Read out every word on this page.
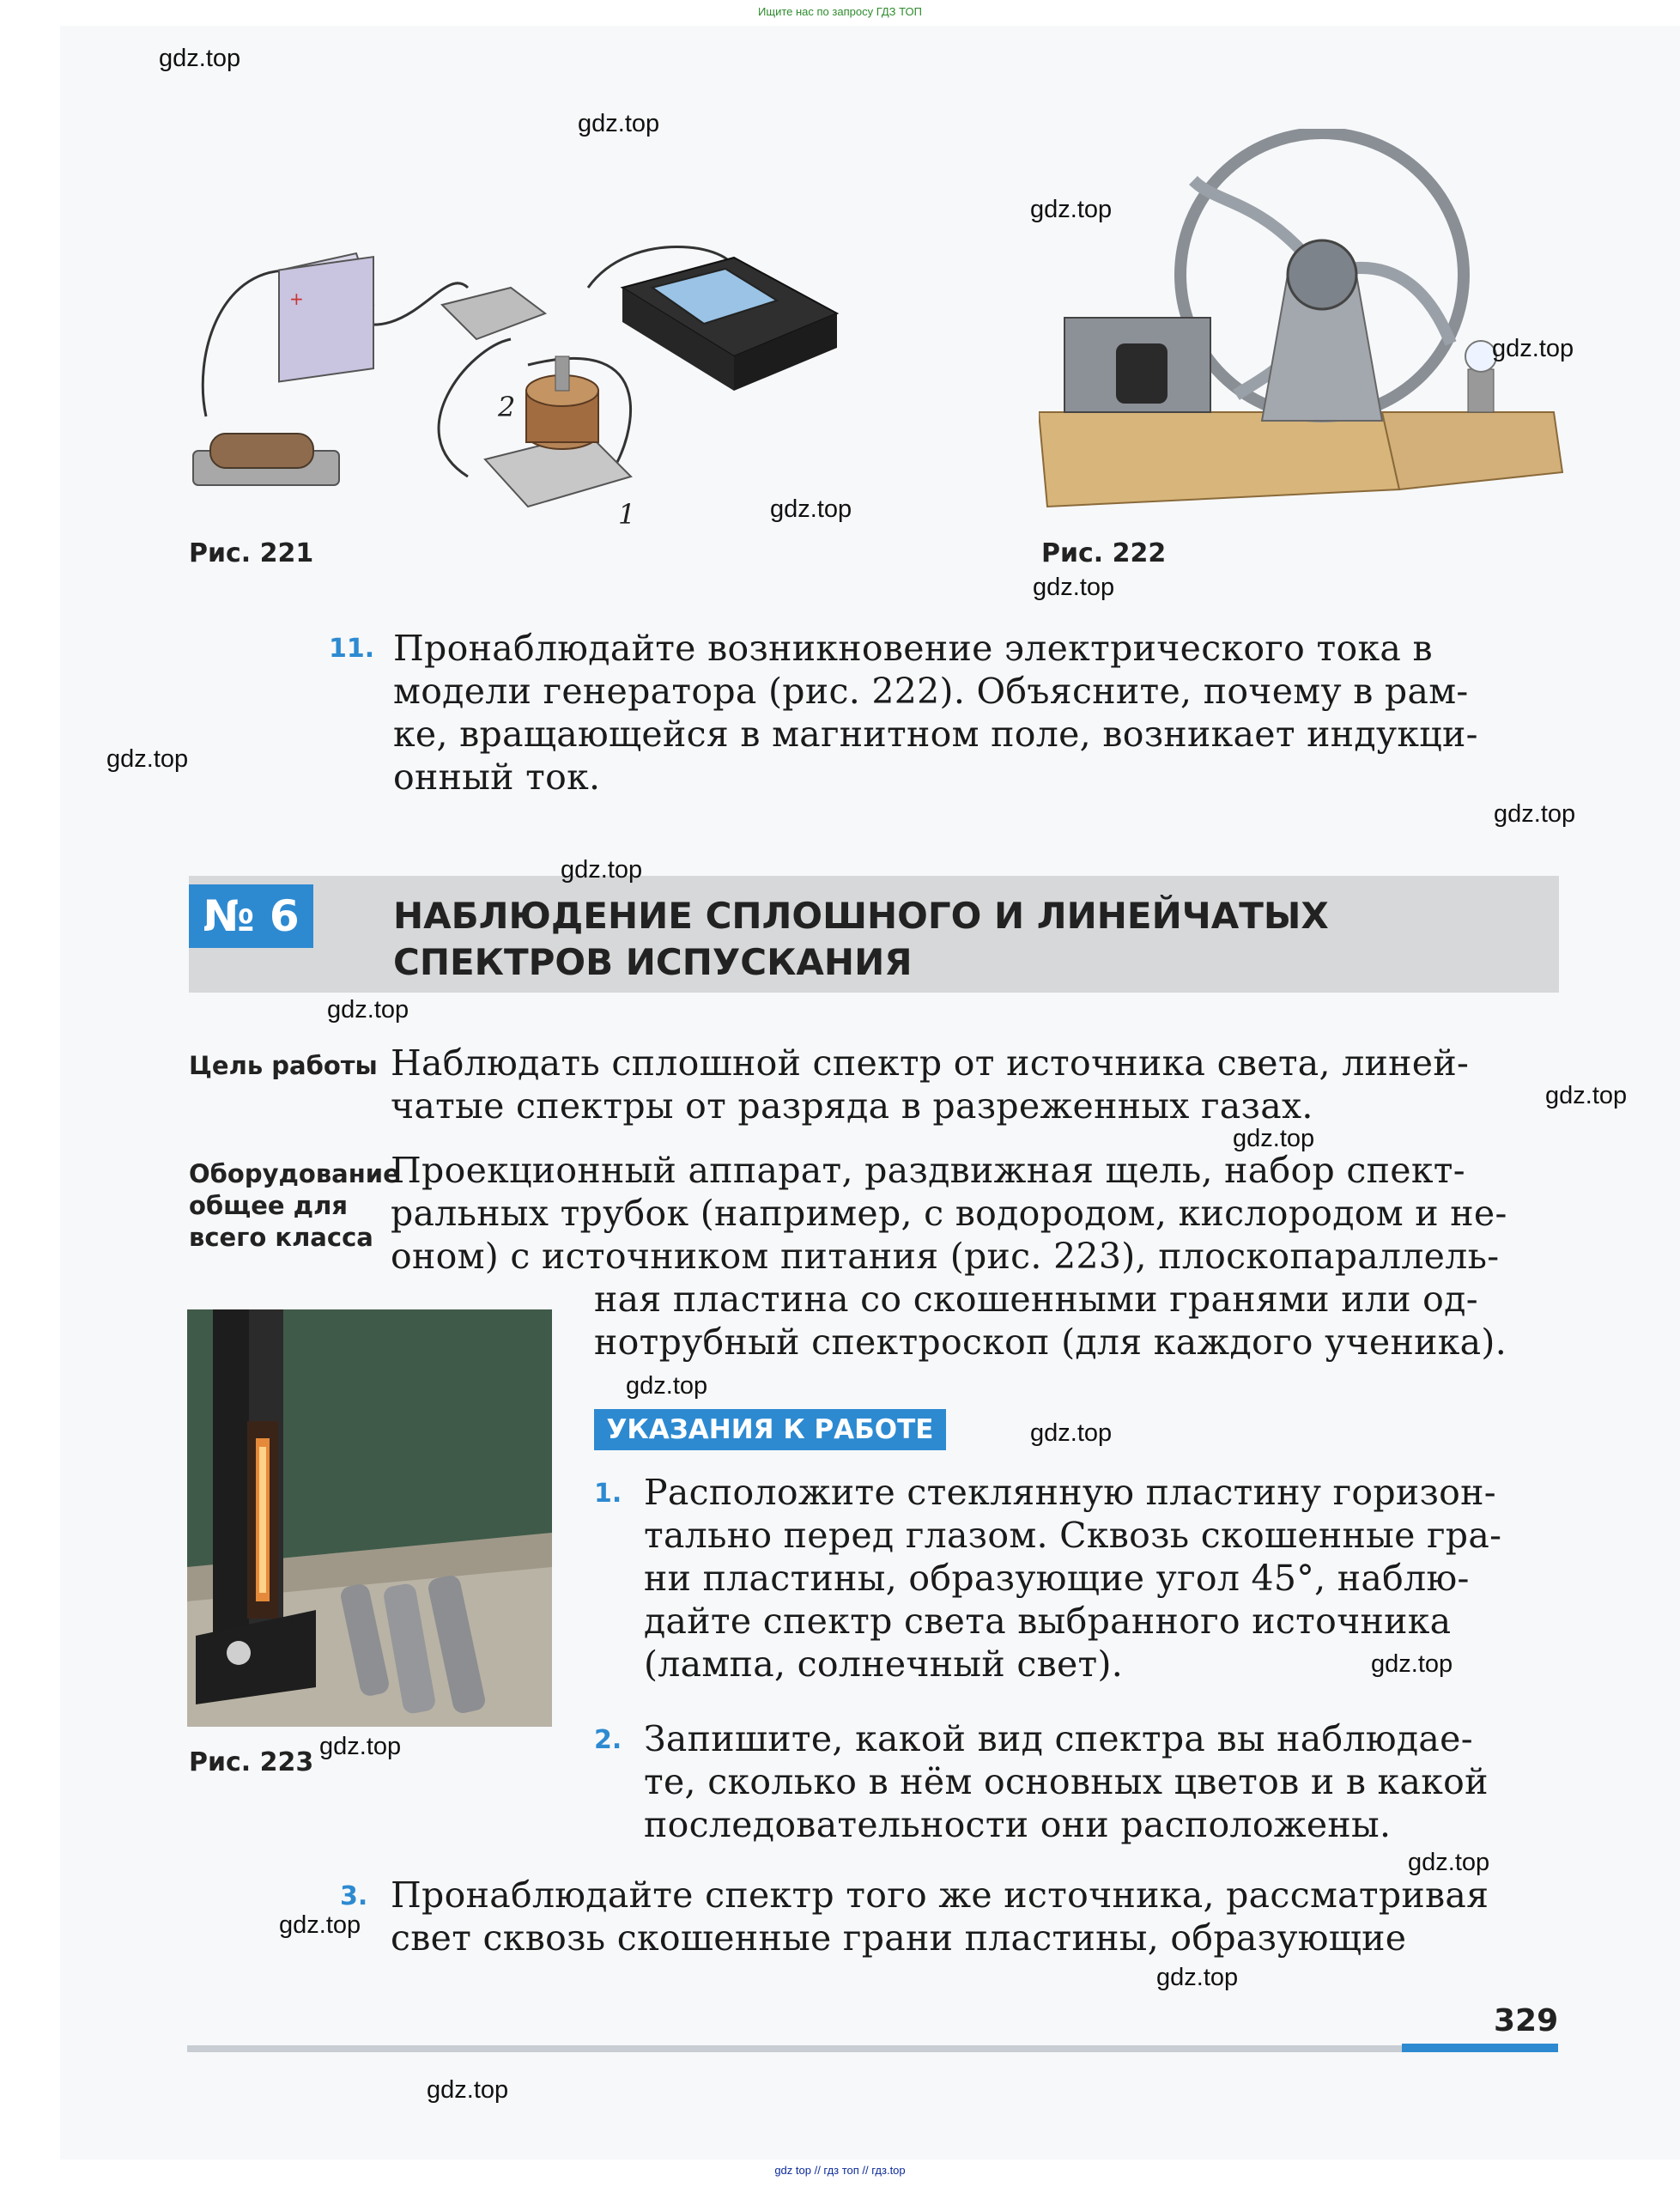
Ищите нас по запросу ГДЗ ТОП
+
2
1
Рис. 221	Рис. 222
11. Пронаблюдайте возникновение электрического тока в
модели генератора (рис. 222). Объясните, почему в рам-
ке, вращающейся в магнитном поле, возникает индукци-
онный ток.
№ 6	НАБЛЮДЕНИЕ СПЛОШНОГО И ЛИНЕЙЧАТЫХ
СПЕКТРОВ ИСПУСКАНИЯ
Цель работы Наблюдать сплошной спектр от источника света, линей-
чатые спектры от разряда в разреженных газах.
Оборудование
общее для
всего класса
Проекционный аппарат, раздвижная щель, набор спект-
ральных трубок (например, с водородом, кислородом и не-
оном) с источником питания (рис. 223), плоскопараллель-
ная пластина со скошенными гранями или од-
нотрубный спектроскоп (для каждого ученика).
Рис. 223
УКАЗАНИЯ К РАБОТЕ
1. Расположите стеклянную пластину горизон-
тально перед глазом. Сквозь скошенные гра-
ни пластины, образующие угол 45°, наблю-
дайте спектр света выбранного источника
(лампа, солнечный свет).
2. Запишите, какой вид спектра вы наблюдае-
те, сколько в нём основных цветов и в какой
последовательности они расположены.
3. Пронаблюдайте спектр того же источника, рассматривая
свет сквозь скошенные грани пластины, образующие
329
gdz top // гдз топ // гдз.top
gdz.top
gdz.top
gdz.top
gdz.top
gdz.top
gdz.top
gdz.top
gdz.top
gdz.top
gdz.top
gdz.top
gdz.top
gdz.top
gdz.top
gdz.top
gdz.top
gdz.top
gdz.top
gdz.top
gdz.top
